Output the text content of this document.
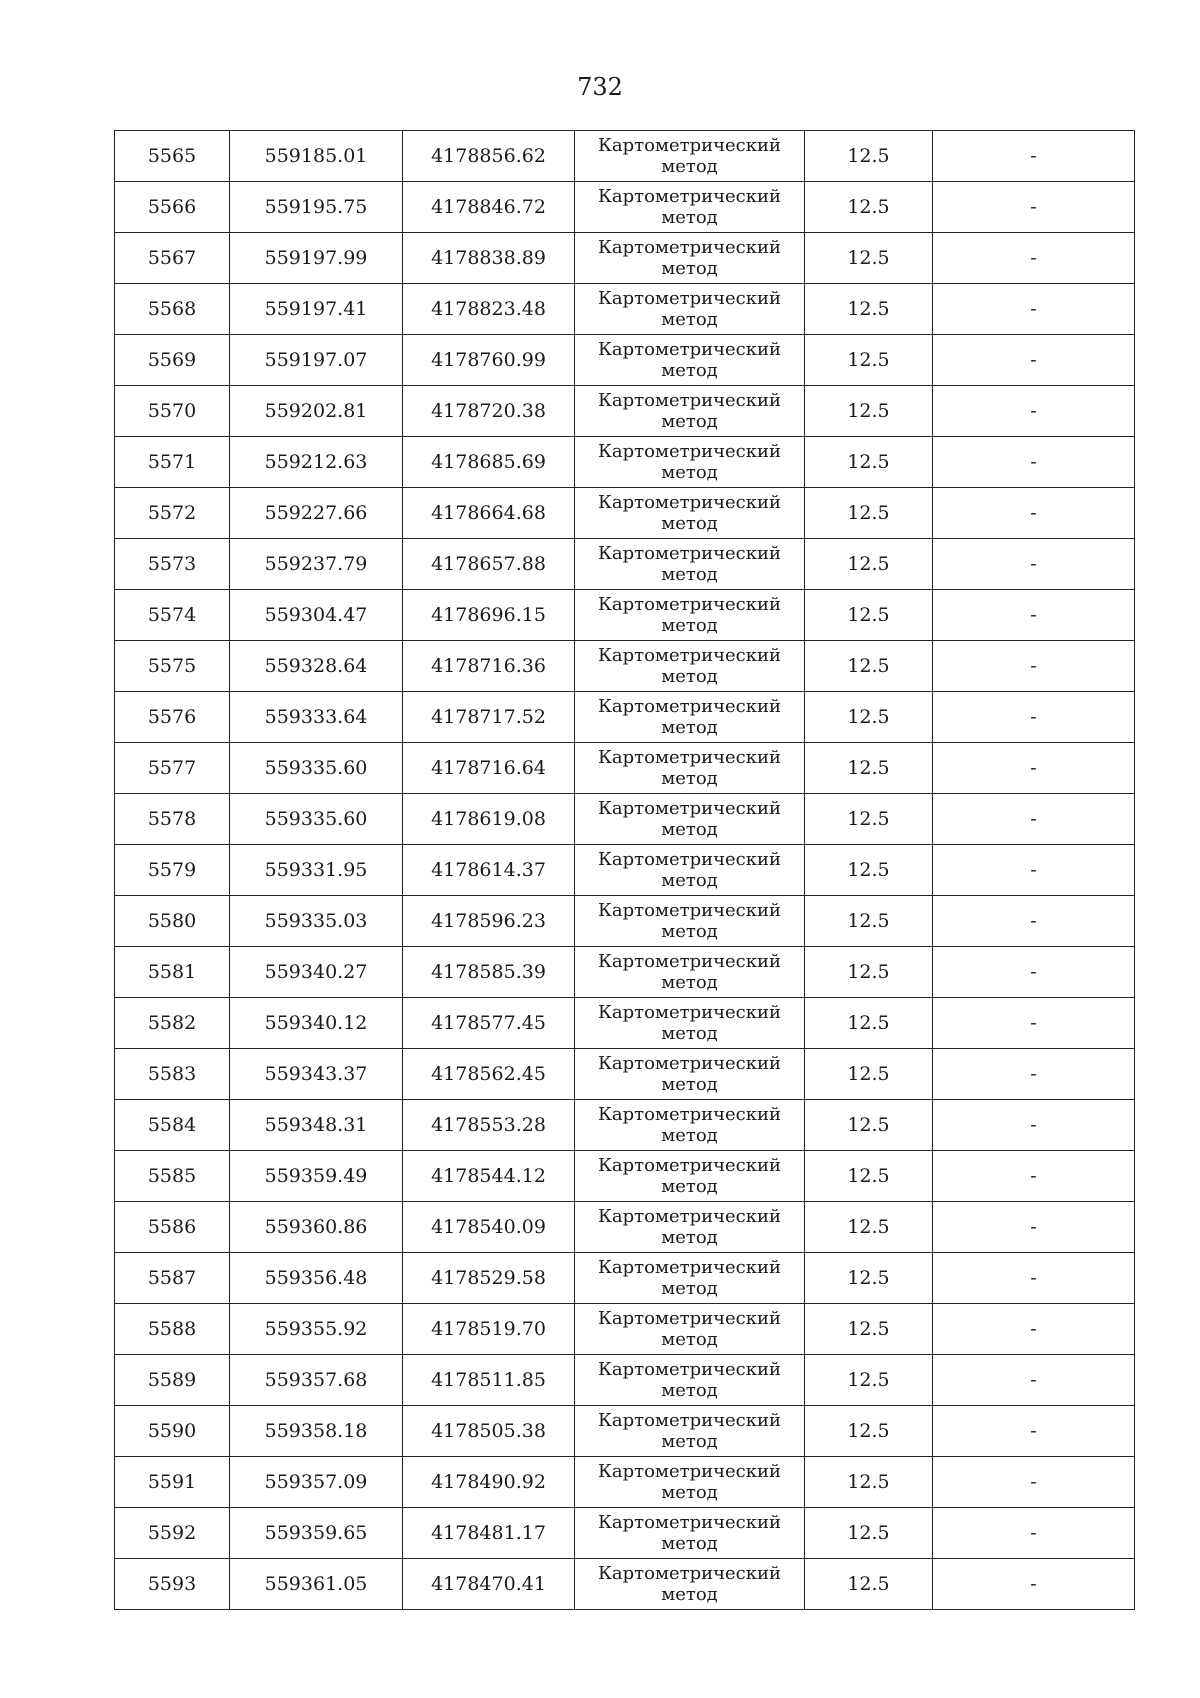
732
5565	559185.01	4178856.62	Картометрический метод	12.5	-
5566	559195.75	4178846.72	Картометрический метод	12.5	-
5567	559197.99	4178838.89	Картометрический метод	12.5	-
5568	559197.41	4178823.48	Картометрический метод	12.5	-
5569	559197.07	4178760.99	Картометрический метод	12.5	-
5570	559202.81	4178720.38	Картометрический метод	12.5	-
5571	559212.63	4178685.69	Картометрический метод	12.5	-
5572	559227.66	4178664.68	Картометрический метод	12.5	-
5573	559237.79	4178657.88	Картометрический метод	12.5	-
5574	559304.47	4178696.15	Картометрический метод	12.5	-
5575	559328.64	4178716.36	Картометрический метод	12.5	-
5576	559333.64	4178717.52	Картометрический метод	12.5	-
5577	559335.60	4178716.64	Картометрический метод	12.5	-
5578	559335.60	4178619.08	Картометрический метод	12.5	-
5579	559331.95	4178614.37	Картометрический метод	12.5	-
5580	559335.03	4178596.23	Картометрический метод	12.5	-
5581	559340.27	4178585.39	Картометрический метод	12.5	-
5582	559340.12	4178577.45	Картометрический метод	12.5	-
5583	559343.37	4178562.45	Картометрический метод	12.5	-
5584	559348.31	4178553.28	Картометрический метод	12.5	-
5585	559359.49	4178544.12	Картометрический метод	12.5	-
5586	559360.86	4178540.09	Картометрический метод	12.5	-
5587	559356.48	4178529.58	Картометрический метод	12.5	-
5588	559355.92	4178519.70	Картометрический метод	12.5	-
5589	559357.68	4178511.85	Картометрический метод	12.5	-
5590	559358.18	4178505.38	Картометрический метод	12.5	-
5591	559357.09	4178490.92	Картометрический метод	12.5	-
5592	559359.65	4178481.17	Картометрический метод	12.5	-
5593	559361.05	4178470.41	Картометрический метод	12.5	-
